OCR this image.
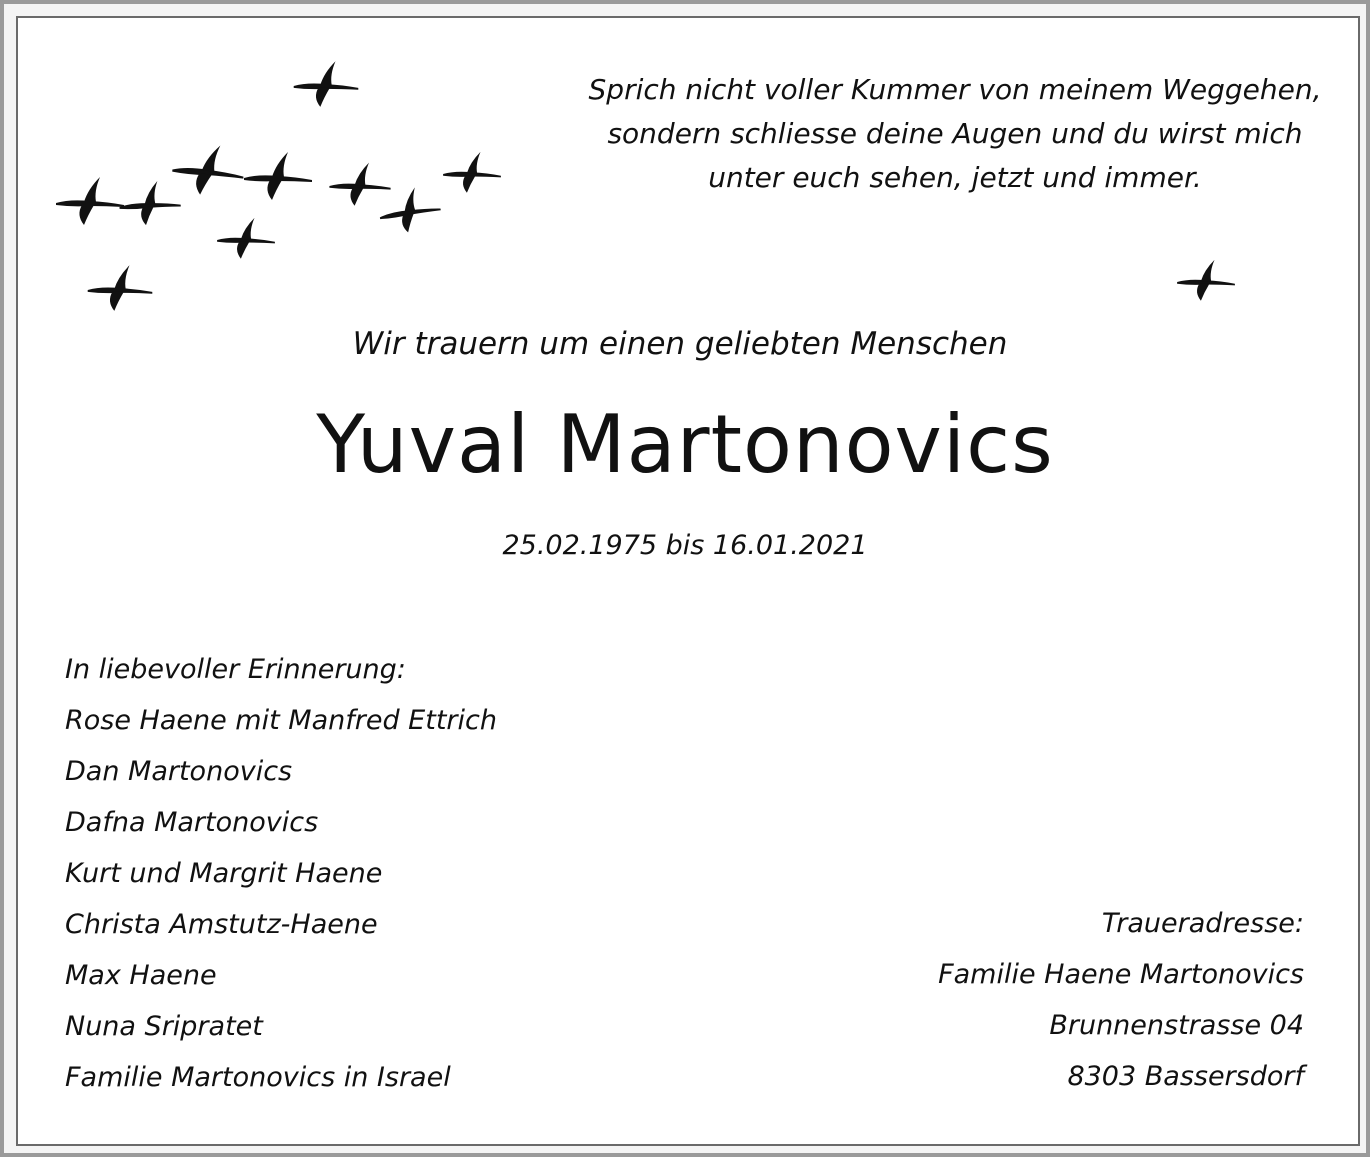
Sprich nicht voller Kummer von meinem Weggehen,
sondern schliesse deine Augen und du wirst mich
unter euch sehen, jetzt und immer.
Wir trauern um einen geliebten Menschen
Yuval Martonovics
25.02.1975 bis 16.01.2021
In liebevoller Erinnerung:
Rose Haene mit Manfred Ettrich
Dan Martonovics
Dafna Martonovics
Kurt und Margrit Haene
Christa Amstutz-Haene
Max Haene
Nuna Sripratet
Familie Martonovics in Israel
Traueradresse:
Familie Haene Martonovics
Brunnenstrasse 04
8303 Bassersdorf
